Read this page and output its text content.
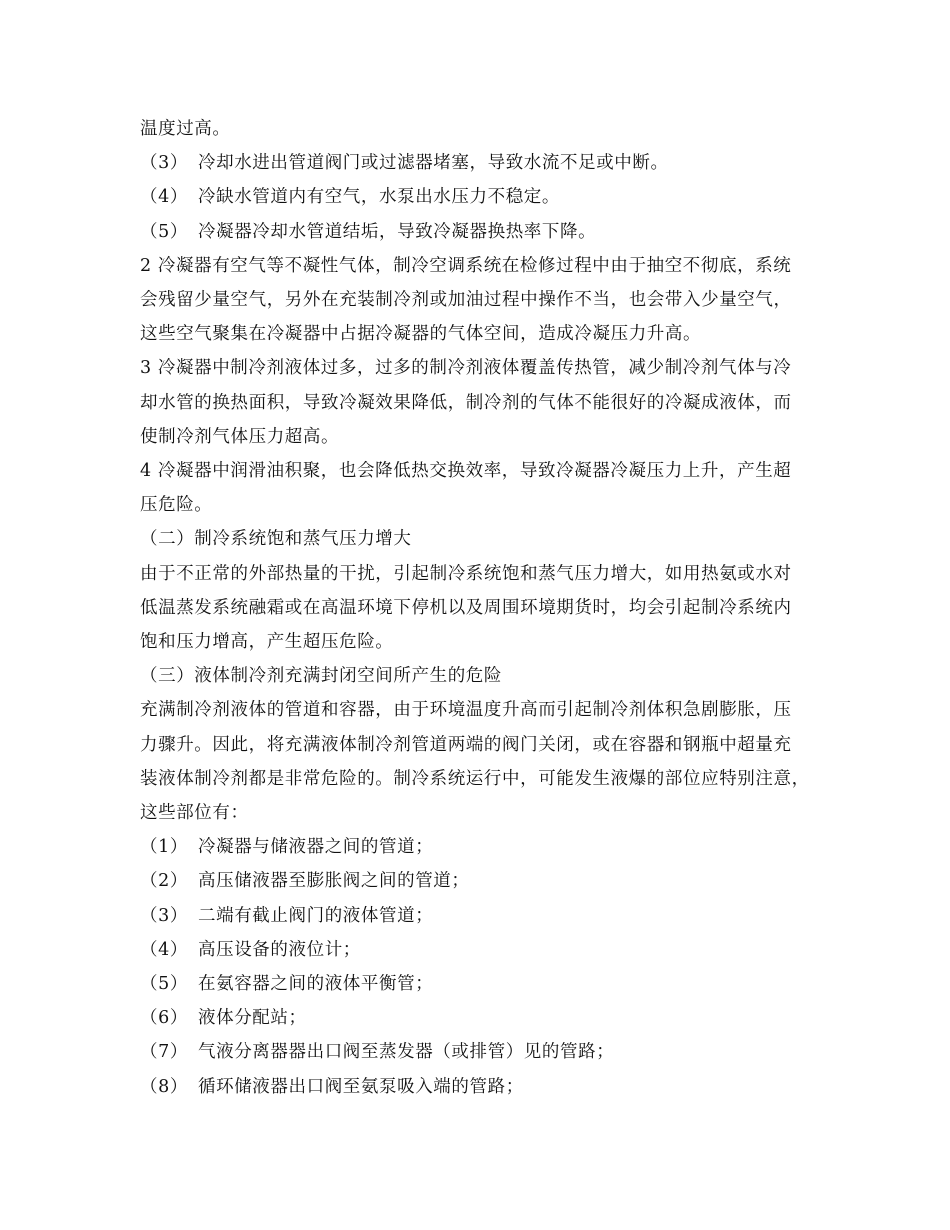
温度过高。

（3） 冷却水进出管道阀门或过滤器堵塞，导致水流不足或中断。
（4） 冷缺水管道内有空气，水泵出水压力不稳定。
（5） 冷凝器冷却水管道结垢，导致冷凝器换热率下降。
2 冷凝器有空气等不凝性气体，制冷空调系统在检修过程中由于抽空不彻底，系统
会残留少量空气，另外在充装制冷剂或加油过程中操作不当，也会带入少量空气，
这些空气聚集在冷凝器中占据冷凝器的气体空间，造成冷凝压力升高。
3 冷凝器中制冷剂液体过多，过多的制冷剂液体覆盖传热管，减少制冷剂气体与冷
却水管的换热面积，导致冷凝效果降低，制冷剂的气体不能很好的冷凝成液体，而
使制冷剂气体压力超高。
4 冷凝器中润滑油积聚，也会降低热交换效率，导致冷凝器冷凝压力上升，产生超
压危险。
（二）制冷系统饱和蒸气压力增大
由于不正常的外部热量的干扰，引起制冷系统饱和蒸气压力增大，如用热氨或水对
低温蒸发系统融霜或在高温环境下停机以及周围环境期货时，均会引起制冷系统内
饱和压力增高，产生超压危险。
（三）液体制冷剂充满封闭空间所产生的危险
充满制冷剂液体的管道和容器，由于环境温度升高而引起制冷剂体积急剧膨胀，压
力骤升。因此，将充满液体制冷剂管道两端的阀门关闭，或在容器和钢瓶中超量充
装液体制冷剂都是非常危险的。制冷系统运行中，可能发生液爆的部位应特别注意，
这些部位有：
（1） 冷凝器与储液器之间的管道；
（2） 高压储液器至膨胀阀之间的管道；
（3） 二端有截止阀门的液体管道；
（4） 高压设备的液位计；
（5） 在氨容器之间的液体平衡管；
（6） 液体分配站；
（7） 气液分离器器出口阀至蒸发器（或排管）见的管路；
（8） 循环储液器出口阀至氨泵吸入端的管路；
